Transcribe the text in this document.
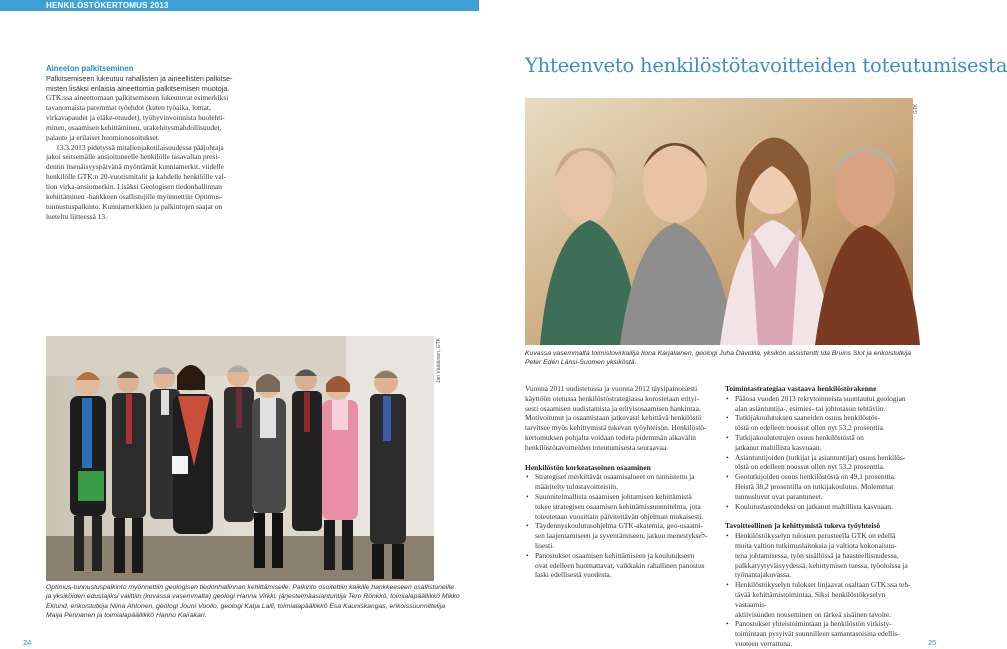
HENKILÖSTÖKERTOMUS 2013
Aineeton palkitseminen
Palkitsemiseen lukeutuu rahallisten ja aineellisten palkitse-
misten lisäksi erilaisia aineettomia palkitsemisen muotoja.
GTK:ssa aineettomaan palkitsemiseen lukeutuvat esimerkiksi
tavanomaista paremmat työehdot (kuten työaika, lomat,
virkavapaudet ja eläke-etuudet), työhyvinvoinnista huolehti-
minen, osaamisen kehittäminen, urakehitysmahdollisuudet,
palaute ja erilaiset huomionosoitukset.
13.3.2013 pidetyssä mitalienjakotilaisuudessa pääjohtaja
jakoi seitsemälle ansioituneelle henkilölle tasavallan presi-
dentin itsenäisyyspäivänä myöntämät kunniamerkit, viidelle
henkilölle GTK:n 20-vuotismitalit ja kahdelle henkilölle val-
tion virka-ansiomerkin. Lisäksi Geologisen tiedonhallinnan
kehittäminen -hankkeen osallistujille myönnettiin Optimus-
tunnustuspalkinto. Kunniamerkkien ja palkintojen saajat on
lueteltu liitteessä 13.
Jari Väätäinen, GTK
Optimus-tunnustuspalkinto myönnettiin geologisen tiedonhallinnan kehittämiselle. Palkinto osoitettiin kaikille hankkeeseen osallistuneille
ja yksiköiden edustajiksi valittiin (kuvassa vasemmalta) geologi Hanna Virkki, järjestelmäasiantuntija Tero Rönkkö, toimialapäällikkö Mikko
Eklund, erikoistutkija Niina Ahtonen, geologi Jouni Vuollo, geologi Katja Lalli, toimialapäällikkö Esa Kauniskangas, erikoissuunnittelija
Maija Pennanen ja toimialapäällikkö Hannu Kairakari.
Yhteenveto henkilöstötavoitteiden toteutumisesta
GTK
Kuvassa vasemmalta toimistovirkailija Ilona Karjalainen, geologi Juha Davidila, yksikön assistentti Ida Bruins Slot ja erikoistutkija
Peter Edén Länsi-Suomen yksiköstä.
Vuonna 2011 uudistetussa ja vuonna 2012 täysipainoisesti
käyttöön otetussa henkilöstöstrategiassa korostetaan erityi-
sesti osaamisen uudistamista ja erityisosaamisen hankintaa.
Motivoitunut ja osaamistaan jatkuvasti kehittävä henkilöstö
tarvitsee myös kehittymistä tukevan työyhteisön. Henkilöstö-
kertomuksen pohjalta voidaan todeta pidemmän aikavälin
henkilöstötavoitteiden toteutumisesta seuraavaa.
Henkilöstön korkeatasoinen osaaminen
• Strategiset merkittävät osaamisalueet on tunnistettu ja
määritelty tulostavoitteisiin.
• Suunnitelmallista osaamisen johtamisen kehittämistä
tukee strategisen osaamisen kehittämissuunnitelma, jota
toteutetaan vuosittain päivitettävän ohjelman mukaisesti.
• Täydennyskoulutusohjelma GTK-akatemia, geo-osaami-
sen laajentamiseen ja syventämiseen, jatkuu menestykseל-
lisesti.
• Panostukset osaamisen kehittämiseen ja koulutukseen
ovat edelleen huomattavat, vaikkakin rahallinen panostus
laski edellisestä vuodesta.
Toimintastrategiaa vastaava henkilöstörakenne
• Pääosa vuoden 2013 rekrytoinneista suuntautui geologian
alan asiantuntija-, esimies- tai johtotason tehtäviin.
• Tutkijakoulutuksen saaneiden osuus henkilöstös-
töstä on edelleen noussut ollen nyt 53,2 prosenttia.
• Tutkijakoulutettujen osuus henkilöstöstä on
jatkanut maltillista kasvuaan.
• Asiantuntijoiden (tutkijat ja asiantuntijat) osuus henkilös-
töstä on edelleen noussut ollen nyt 53,2 prosenttia.
• Geotutkijoiden osuus henkilöstöstä on 49,1 prosenttia.
Heistä 38,2 prosentilla on tutkijakoulutus. Molemmat
tunnusluvut ovat parantuneet.
• Koulutustasoindeksi on jatkanut maltillista kasvuaan.
Tavoitteellinen ja kehittymistä tukeva työyhteisö
• Henkilöstökyselyn tulosten perusteella GTK on edellä
muita valtion tutkimuslaitoksia ja valtiota kokonaisuu-
tena johtamisessa, työn sisällössä ja haasteellisuudessa,
palkkatyytyväisyydessä, kehittymisen tuessa, työoloissa ja
työnantajakuvassa.
• Henkilöstökyselyn tulokset linjaavat osaltaan GTK:ssa teh-
tävää kehittämistoimintaa. Siksi henkilöstökyselyn vastaamis-
aktiivisuuden nouseminen on tärkeä sisäinen tavoite.
• Panostukset yhteistoimintaan ja henkilöstön virkisty-
toimintaan pysyivät suunnilleen samantasoisina edellis-
vuoteen verrattuna.
24	25
